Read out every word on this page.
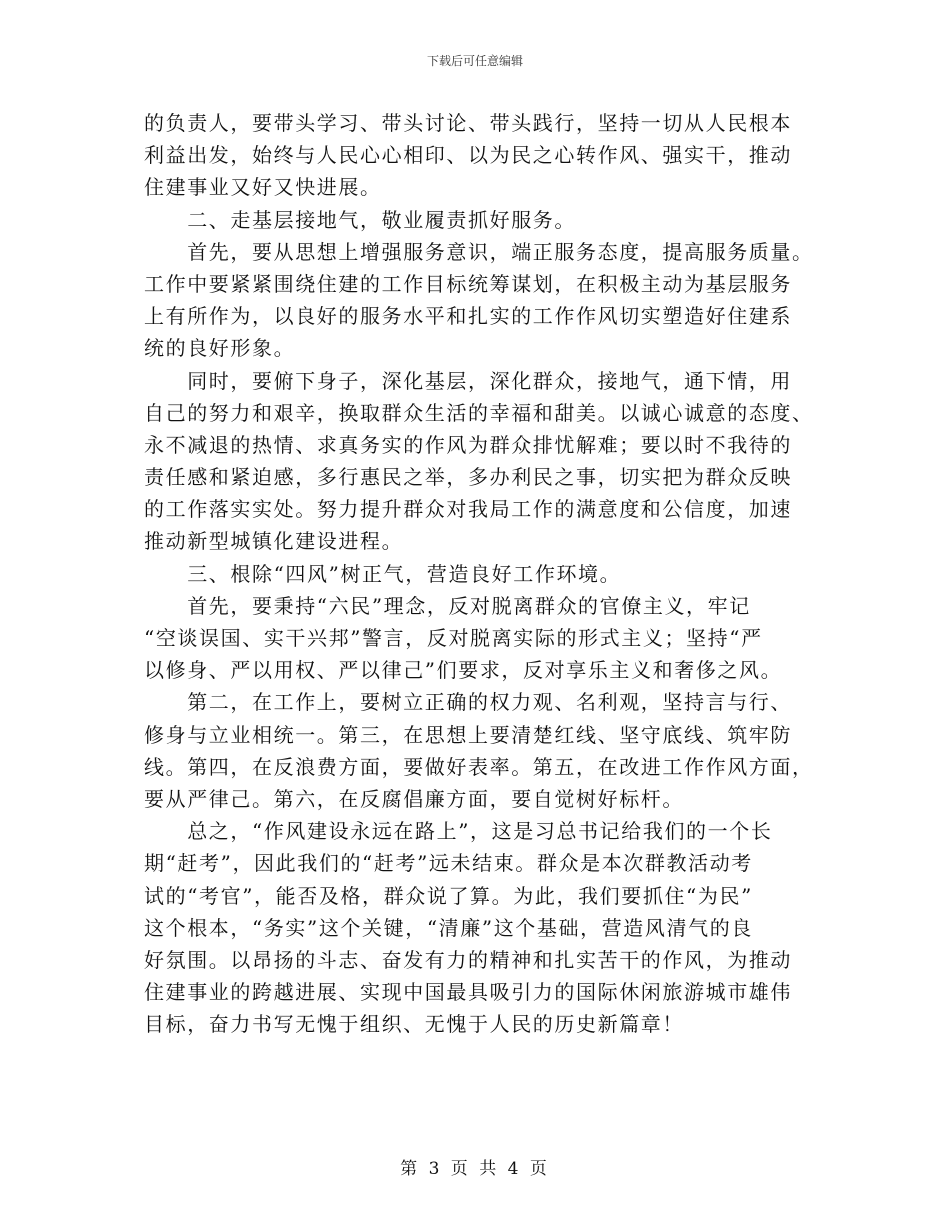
下载后可任意编辑
的负责人，要带头学习、带头讨论、带头践行，坚持一切从人民根本
利益出发，始终与人民心心相印、以为民之心转作风、强实干，推动
住建事业又好又快进展。
　　二、走基层接地气，敬业履责抓好服务。
　　首先，要从思想上增强服务意识，端正服务态度，提高服务质量。
工作中要紧紧围绕住建的工作目标统筹谋划，在积极主动为基层服务
上有所作为，以良好的服务水平和扎实的工作作风切实塑造好住建系
统的良好形象。
　　同时，要俯下身子，深化基层，深化群众，接地气，通下情，用
自己的努力和艰辛，换取群众生活的幸福和甜美。以诚心诚意的态度、
永不减退的热情、求真务实的作风为群众排忧解难；要以时不我待的
责任感和紧迫感，多行惠民之举，多办利民之事，切实把为群众反映
的工作落实实处。努力提升群众对我局工作的满意度和公信度，加速
推动新型城镇化建设进程。
　　三、根除“四风”树正气，营造良好工作环境。
　　首先，要秉持“六民”理念，反对脱离群众的官僚主义，牢记
“空谈误国、实干兴邦”警言，反对脱离实际的形式主义；坚持“严
以修身、严以用权、严以律己”们要求，反对享乐主义和奢侈之风。
　　第二，在工作上，要树立正确的权力观、名利观，坚持言与行、
修身与立业相统一。第三，在思想上要清楚红线、坚守底线、筑牢防
线。第四，在反浪费方面，要做好表率。第五，在改进工作作风方面，
要从严律己。第六，在反腐倡廉方面，要自觉树好标杆。
　　总之，“作风建设永远在路上”，这是习总书记给我们的一个长
期“赶考”，因此我们的“赶考”远未结束。群众是本次群教活动考
试的“考官”，能否及格，群众说了算。为此，我们要抓住“为民”
这个根本，“务实”这个关键，“清廉”这个基础，营造风清气的良
好氛围。以昂扬的斗志、奋发有力的精神和扎实苦干的作风，为推动
住建事业的跨越进展、实现中国最具吸引力的国际休闲旅游城市雄伟
目标，奋力书写无愧于组织、无愧于人民的历史新篇章！
第 3 页 共 4 页
